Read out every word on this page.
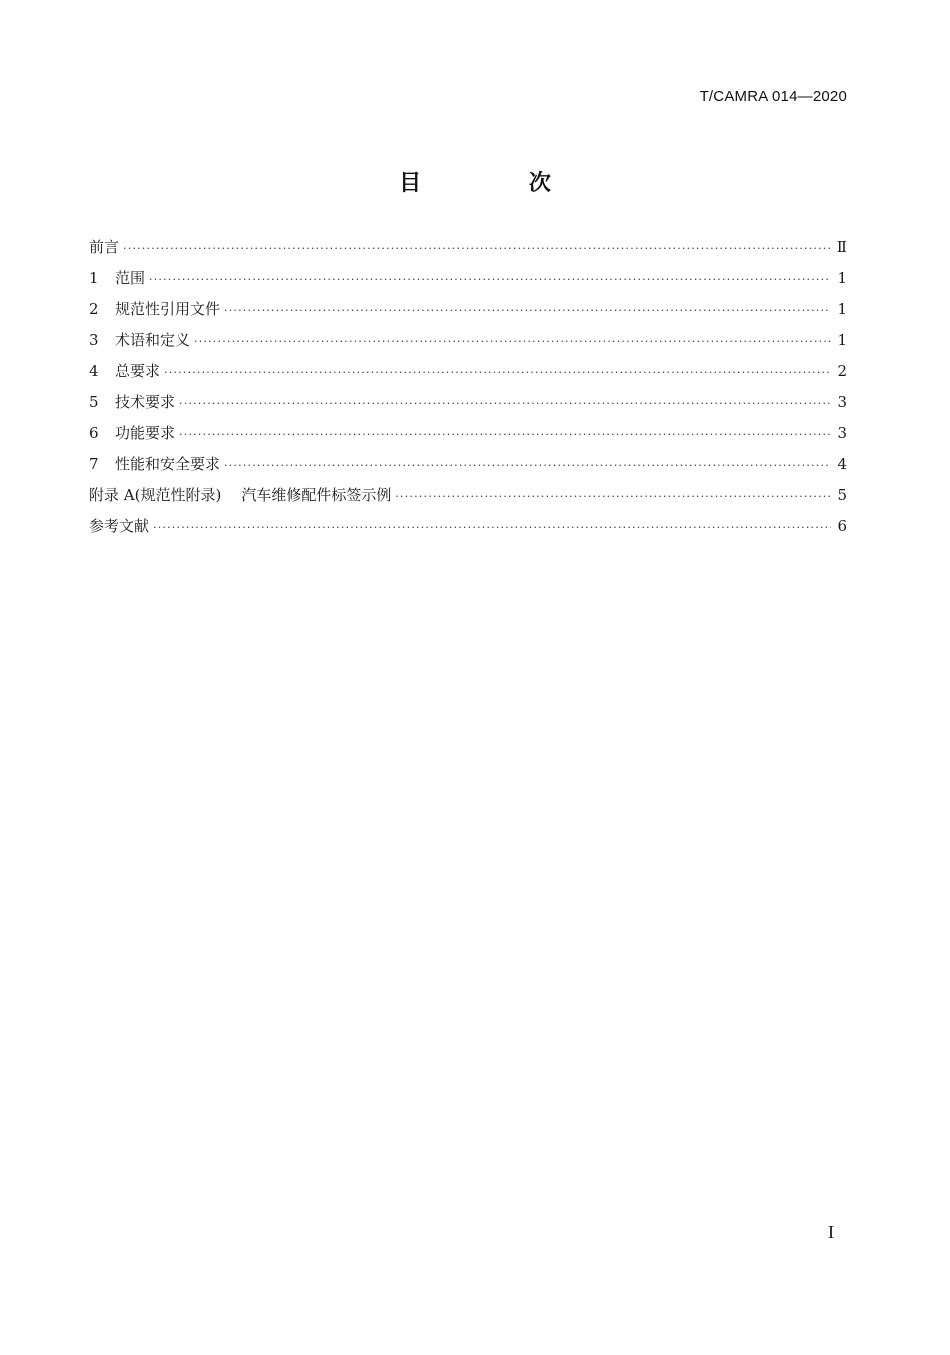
T/CAMRA 014—2020
目 次
前言 ·····	Ⅱ
1	范围 ·····	1
2	规范性引用文件 ·····	1
3	术语和定义 ·····	1
4	总要求 ·····	2
5	技术要求 ·····	3
6	功能要求 ·····	3
7	性能和安全要求 ·····	4
附录 A(规范性附录) 汽车维修配件标签示例 ·····	5
参考文献 ·····	6
I
